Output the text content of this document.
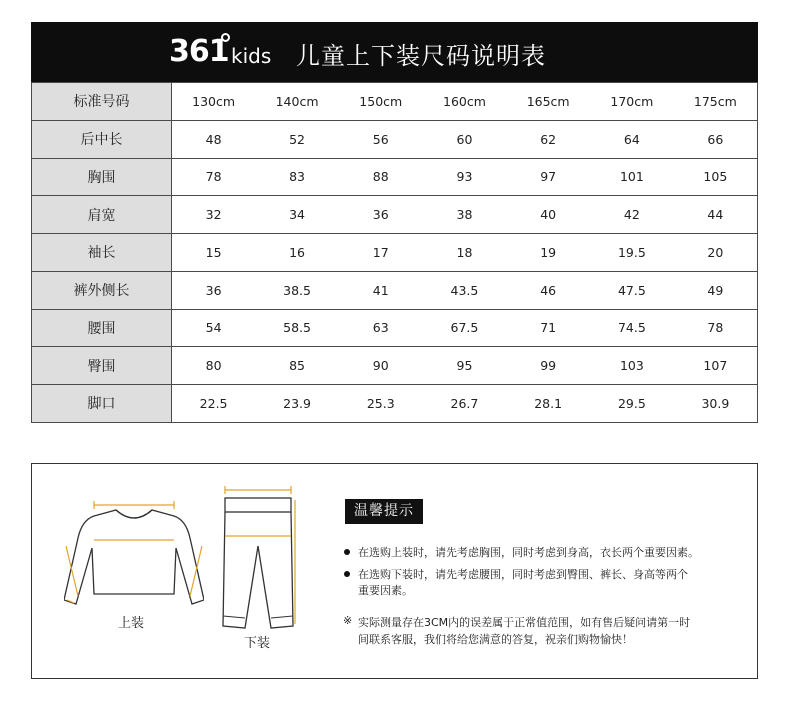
361 kids 儿童上下装尺码说明表
标准号码	130cm	140cm	150cm	160cm	165cm	170cm	175cm
后中长	48	52	56	60	62	64	66
胸围	78	83	88	93	97	101	105
肩宽	32	34	36	38	40	42	44
袖长	15	16	17	18	19	19.5	20
裤外侧长	36	38.5	41	43.5	46	47.5	49
腰围	54	58.5	63	67.5	71	74.5	78
臀围	80	85	90	95	99	103	107
脚口	22.5	23.9	25.3	26.7	28.1	29.5	30.9
上装
下装
温馨提示
在选购上装时，请先考虑胸围，同时考虑到身高，衣长两个重要因素。
在选购下装时，请先考虑腰围，同时考虑到臀围、裤长、身高等两个
重要因素。
※ 实际测量存在3CM内的误差属于正常值范围，如有售后疑问请第一时
间联系客服，我们将给您满意的答复，祝亲们购物愉快！
